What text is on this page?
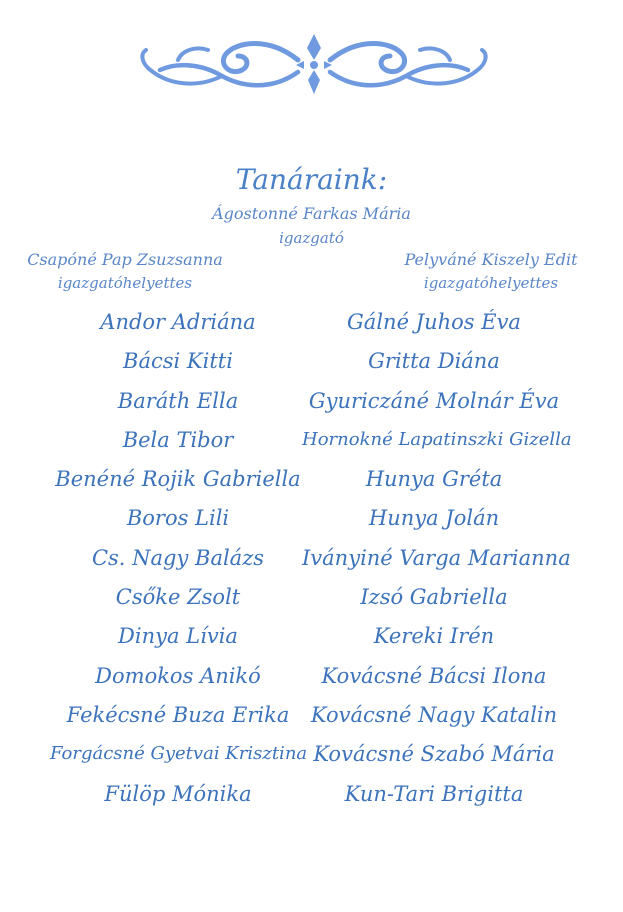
Tanáraink:
Ágostonné Farkas Mária
igazgató
Csapóné Pap Zsuzsanna
igazgatóhelyettes
Pelyváné Kiszely Edit
igazgatóhelyettes
Andor Adriána
Bácsi Kitti
Baráth Ella
Bela Tibor
Benéné Rojik Gabriella
Boros Lili
Cs. Nagy Balázs
Csőke Zsolt
Dinya Lívia
Domokos Anikó
Fekécsné Buza Erika
Forgácsné Gyetvai Krisztina
Fülöp Mónika
Gálné Juhos Éva
Gritta Diána
Gyuriczáné Molnár Éva
Hornokné Lapatinszki Gizella
Hunya Gréta
Hunya Jolán
Iványiné Varga Marianna
Izsó Gabriella
Kereki Irén
Kovácsné Bácsi Ilona
Kovácsné Nagy Katalin
Kovácsné Szabó Mária
Kun-Tari Brigitta
